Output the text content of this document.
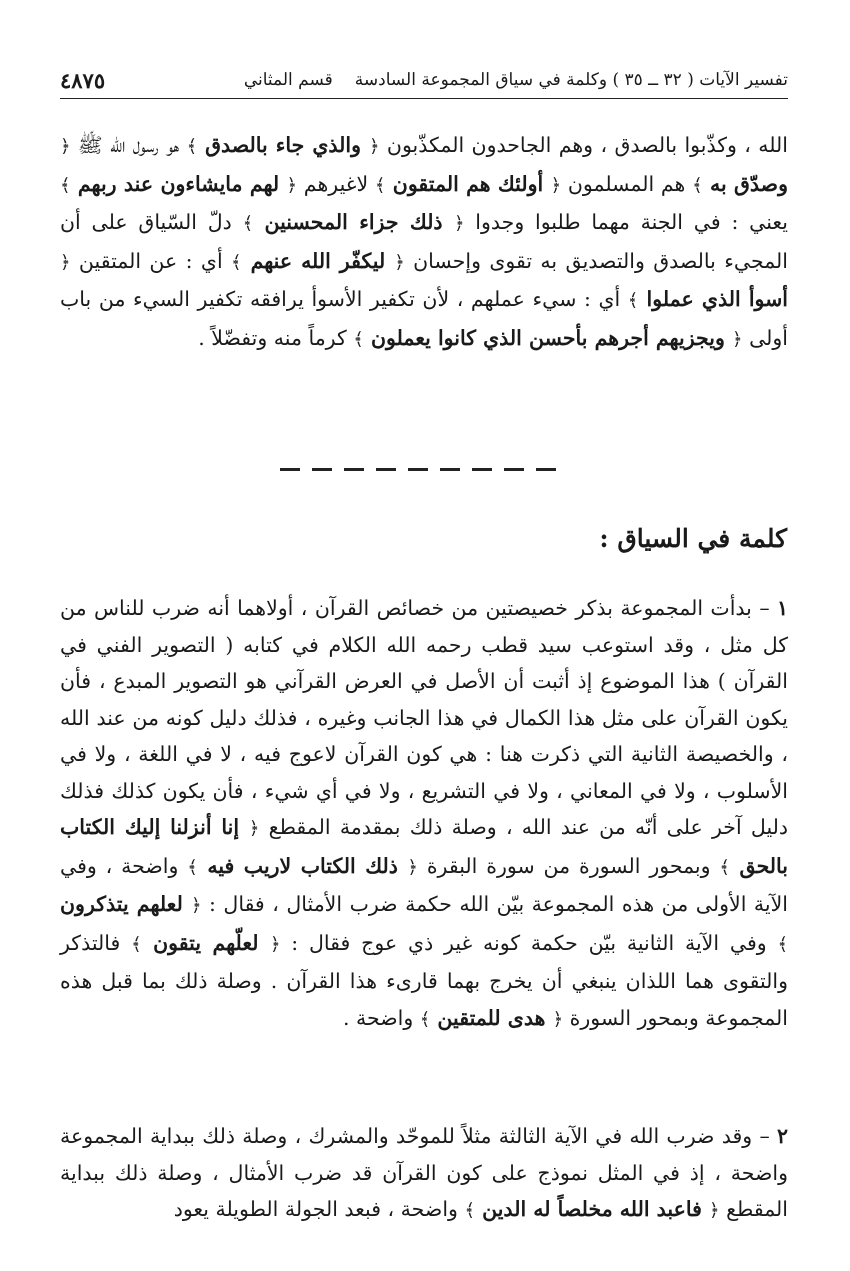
٤٨٧٥	تفسير الآيات ( ٣٢ ــ ٣٥ ) وكلمة في سياق المجموعة السادسة
قسم المثاني

الله ، وكذّبوا بالصدق ، وهم الجاحدون المكذّبون ﴿ والذي جاء بالصدق ﴾ هو رسول الله ﷺ ﴿ وصدّق به ﴾ هم المسلمون ﴿ أولئك هم المتقون ﴾ لاغيرهم ﴿ لهم مايشاءون عند ربهم ﴾ يعني : في الجنة مهما طلبوا وجدوا ﴿ ذلك جزاء المحسنين ﴾ دلّ السّياق على أن المجيء بالصدق والتصديق به تقوى وإحسان ﴿ ليكفّر الله عنهم ﴾ أي : عن المتقين ﴿ أسوأ الذي عملوا ﴾ أي : سيء عملهم ، لأن تكفير الأسوأ يرافقه تكفير السيء من باب أولى ﴿ ويجزيهم أجرهم بأحسن الذي كانوا يعملون ﴾ كرماً منه وتفضّلاً .

كلمة في السياق :

١ – بدأت المجموعة بذكر خصيصتين من خصائص القرآن ، أولاهما أنه ضرب للناس من كل مثل ، وقد استوعب سيد قطب رحمه الله الكلام في كتابه ( التصوير الفني في القرآن ) هذا الموضوع إذ أثبت أن الأصل في العرض القرآني هو التصوير المبدع ، فأن يكون القرآن على مثل هذا الكمال في هذا الجانب وغيره ، فذلك دليل كونه من عند الله ، والخصيصة الثانية التي ذكرت هنا : هي كون القرآن لاعوج فيه ، لا في اللغة ، ولا في الأسلوب ، ولا في المعاني ، ولا في التشريع ، ولا في أي شيء ، فأن يكون كذلك فذلك دليل آخر على أنّه من عند الله ، وصلة ذلك بمقدمة المقطع ﴿ إنا أنزلنا إليك الكتاب بالحق ﴾ وبمحور السورة من سورة البقرة ﴿ ذلك الكتاب لاريب فيه ﴾ واضحة ، وفي الآية الأولى من هذه المجموعة بيّن الله حكمة ضرب الأمثال ، فقال : ﴿ لعلهم يتذكرون ﴾ وفي الآية الثانية بيّن حكمة كونه غير ذي عوج فقال : ﴿ لعلّهم يتقون ﴾ فالتذكر والتقوى هما اللذان ينبغي أن يخرج بهما قارىء هذا القرآن . وصلة ذلك بما قبل هذه المجموعة وبمحور السورة ﴿ هدى للمتقين ﴾ واضحة .

٢ – وقد ضرب الله في الآية الثالثة مثلاً للموحّد والمشرك ، وصلة ذلك ببداية المجموعة واضحة ، إذ في المثل نموذج على كون القرآن قد ضرب الأمثال ، وصلة ذلك ببداية المقطع ﴿ فاعبد الله مخلصاً له الدين ﴾ واضحة ، فبعد الجولة الطويلة يعود
